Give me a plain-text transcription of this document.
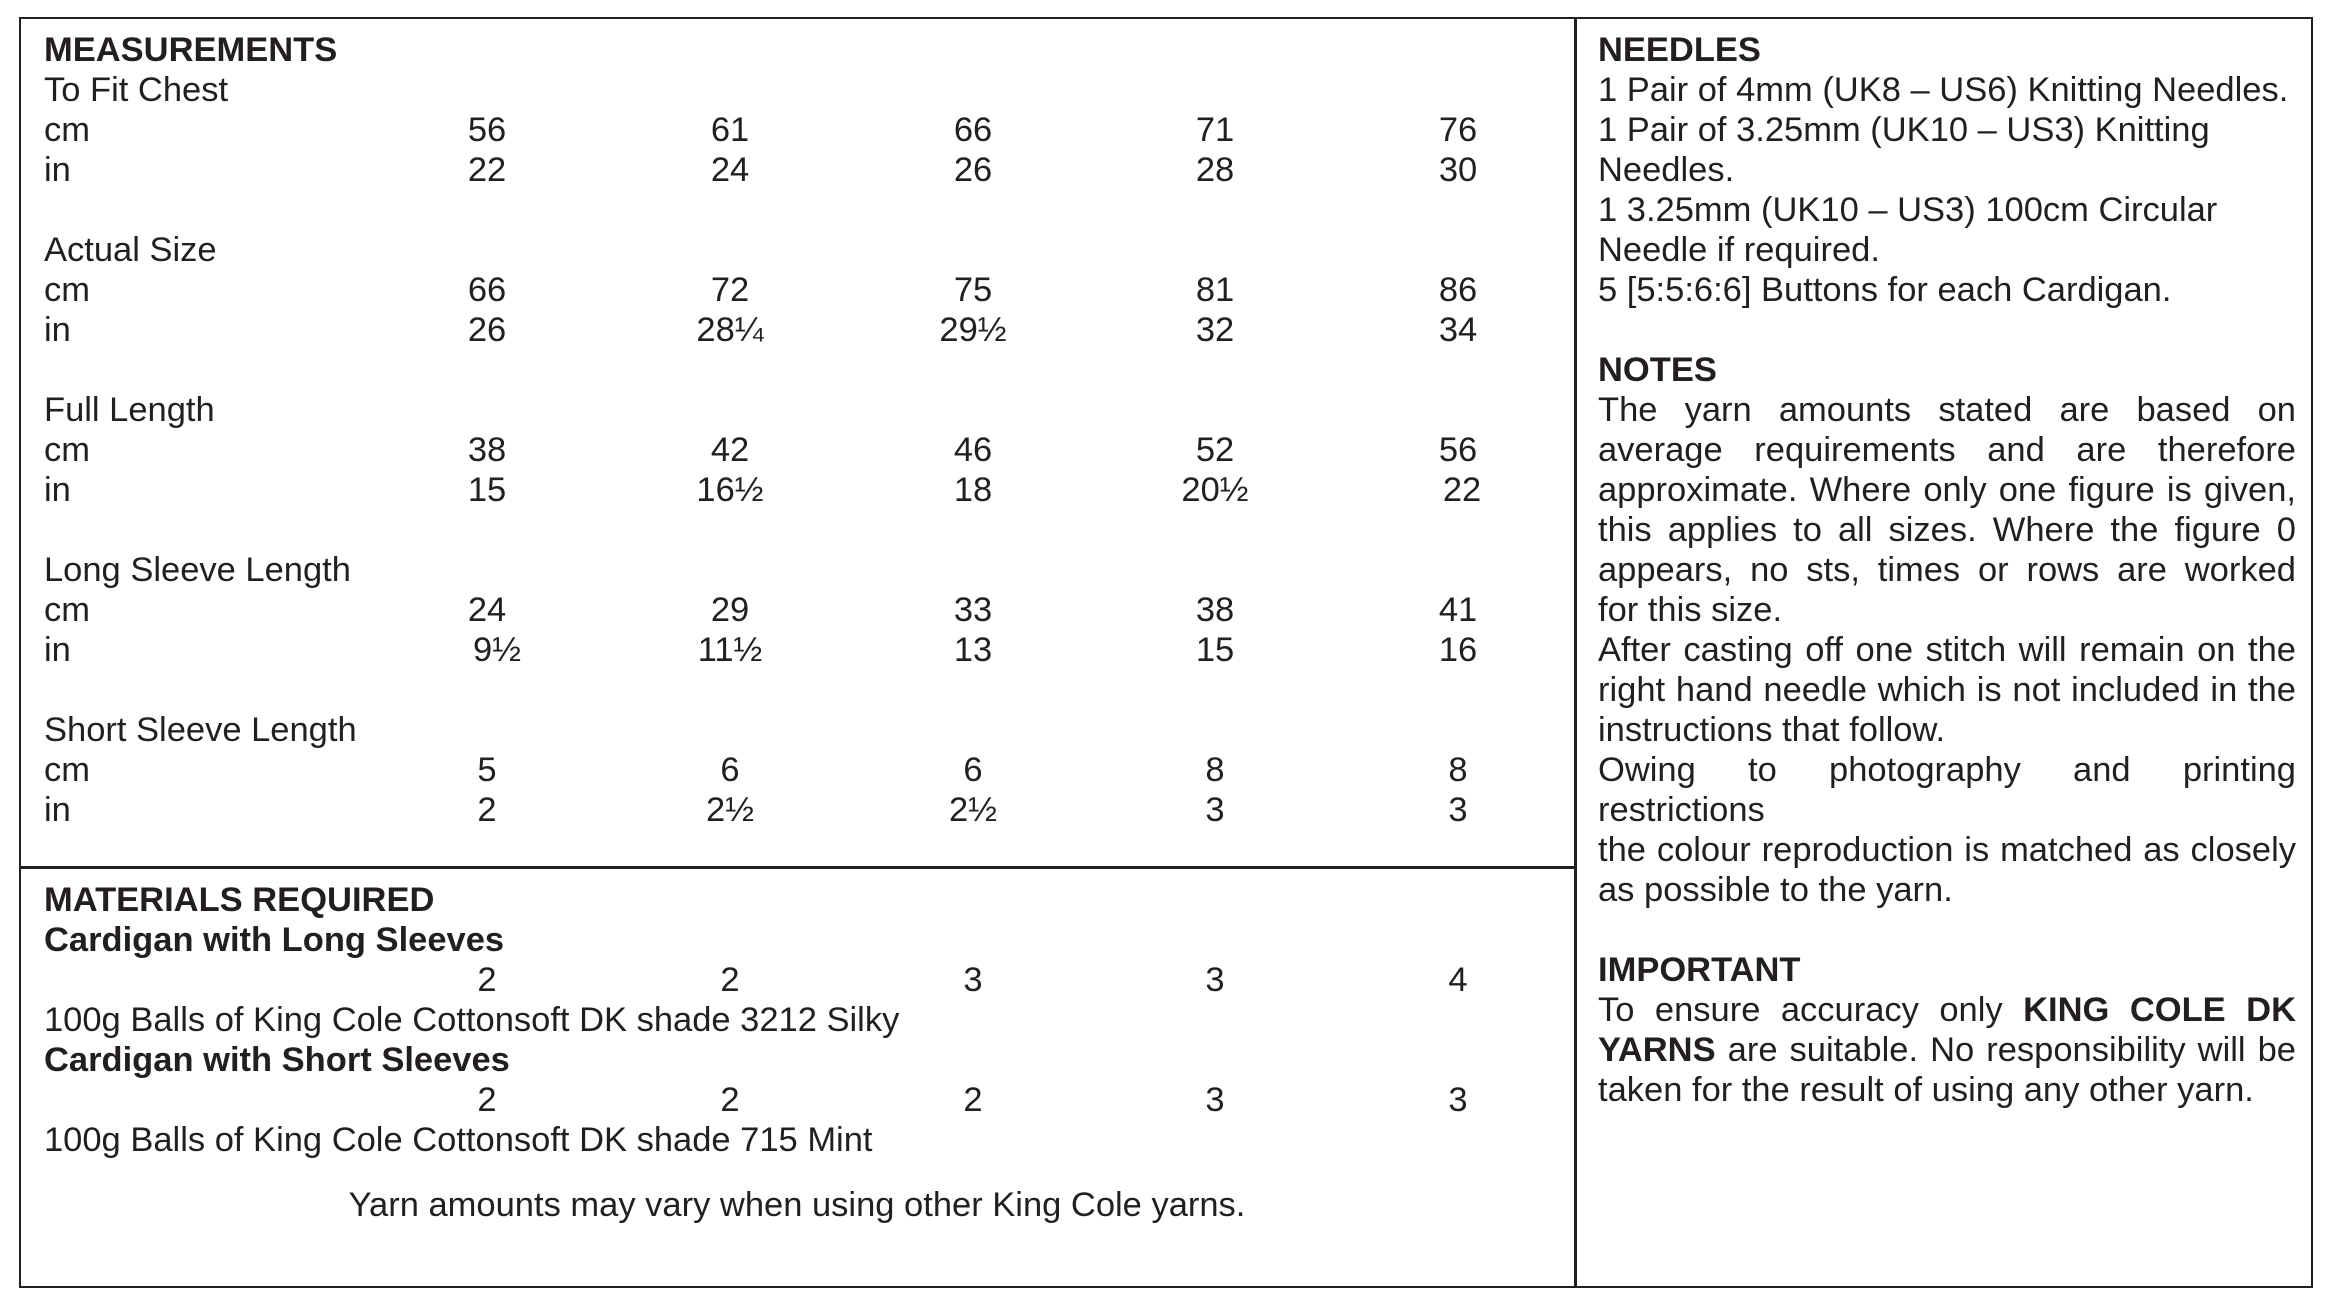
MEASUREMENTS
To Fit Chest
cm	56	61	66	71	76
in	22	24	26	28	30
Actual Size
cm	66	72	75	81	86
in	26	28¼	29½	32	34
Full Length
cm	38	42	46	52	56
in	15	16½	18	20½	22
Long Sleeve Length
cm	24	29	33	38	41
in	9½	11½	13	15	16
Short Sleeve Length
cm	5	6	6	8	8
in	2	2½	2½	3	3
MATERIALS REQUIRED
Cardigan with Long Sleeves
2	2	3	3	4
100g Balls of King Cole Cottonsoft DK shade 3212 Silky
Cardigan with Short Sleeves
2	2	2	3	3
100g Balls of King Cole Cottonsoft DK shade 715 Mint
Yarn amounts may vary when using other King Cole yarns.
NEEDLES
1 Pair of 4mm (UK8 – US6) Knitting Needles.
1 Pair of 3.25mm (UK10 – US3) Knitting
Needles.
1 3.25mm (UK10 – US3) 100cm Circular
Needle if required.
5 [5:5:6:6] Buttons for each Cardigan.
NOTES
The yarn amounts stated are based on
average requirements and are therefore
approximate. Where only one figure is given,
this applies to all sizes. Where the figure 0
appears, no sts, times or rows are worked
for this size.
After casting off one stitch will remain on the
right hand needle which is not included in the
instructions that follow.
Owing to photography and printing restrictions
the colour reproduction is matched as closely
as possible to the yarn.
IMPORTANT
To ensure accuracy only KING COLE DK
YARNS are suitable. No responsibility will be
taken for the result of using any other yarn.
